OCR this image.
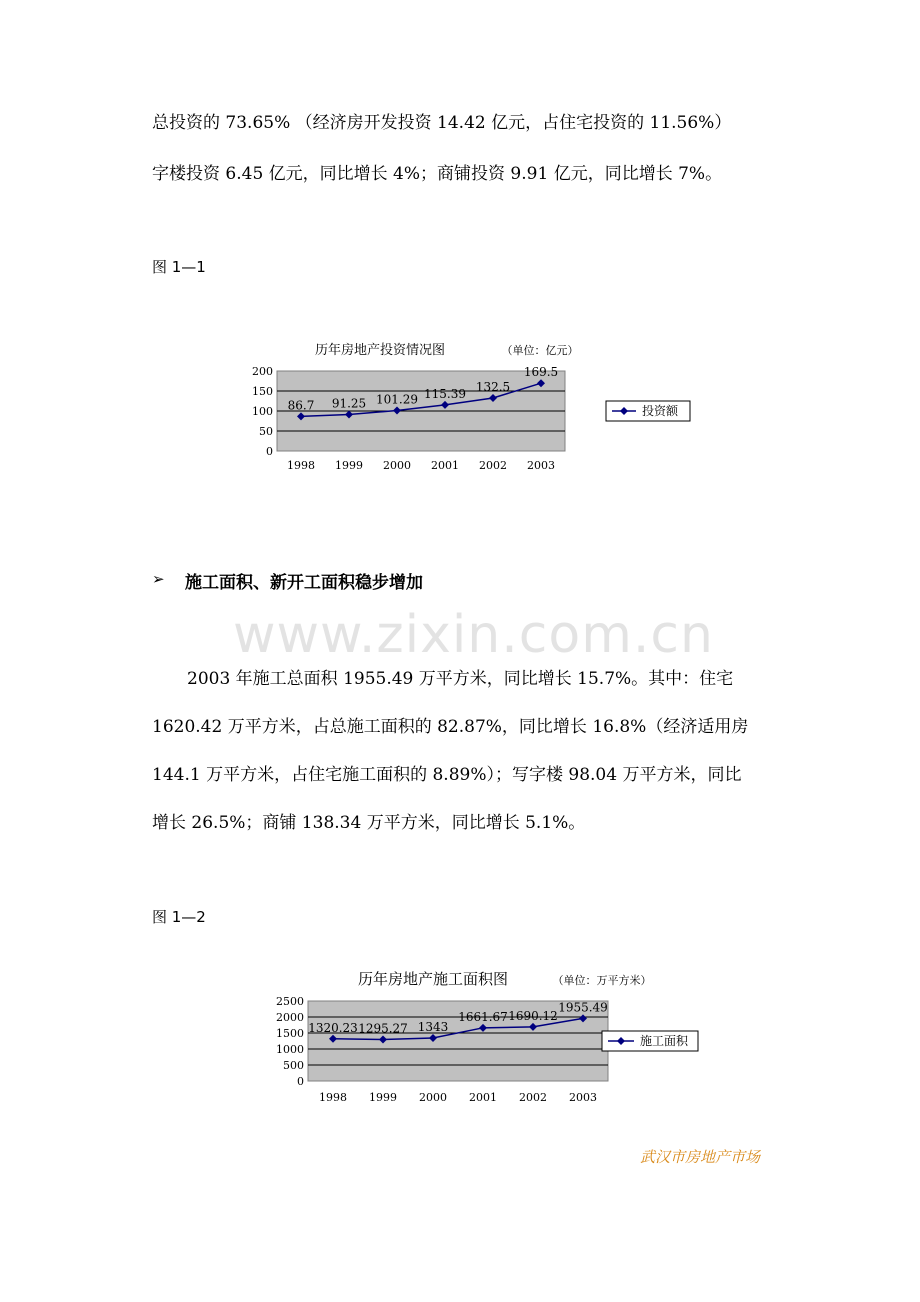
总投资的 73.65% （经济房开发投资 14.42 亿元，占住宅投资的 11.56%）
字楼投资 6.45 亿元，同比增长 4%；商铺投资 9.91 亿元，同比增长 7%。
图 1—1
历年房地产投资情况图	（单位：亿元）
200
150
100
50
0
1998 1999 2000 2001 2002 2003
86.7 91.25 101.29 115.39 132.5
169.5
投资额
➢ 施工面积、新开工面积稳步增加
www.zixin.com.cn
2003 年施工总面积 1955.49 万平方米，同比增长 15.7%。其中：住宅
1620.42 万平方米，占总施工面积的 82.87%，同比增长 16.8%（经济适用房
144.1 万平方米，占住宅施工面积的 8.89%）；写字楼 98.04 万平方米，同比
增长 26.5%；商铺 138.34 万平方米，同比增长 5.1%。
图 1—2
历年房地产施工面积图	（单位：万平方米）
2500
2000
1500
1000
500
0
1998 1999 2000 2001 2002 2003
1320.23 1295.27 1343
1661.67 1690.12
1955.49
施工面积
武汉市房地产市场
